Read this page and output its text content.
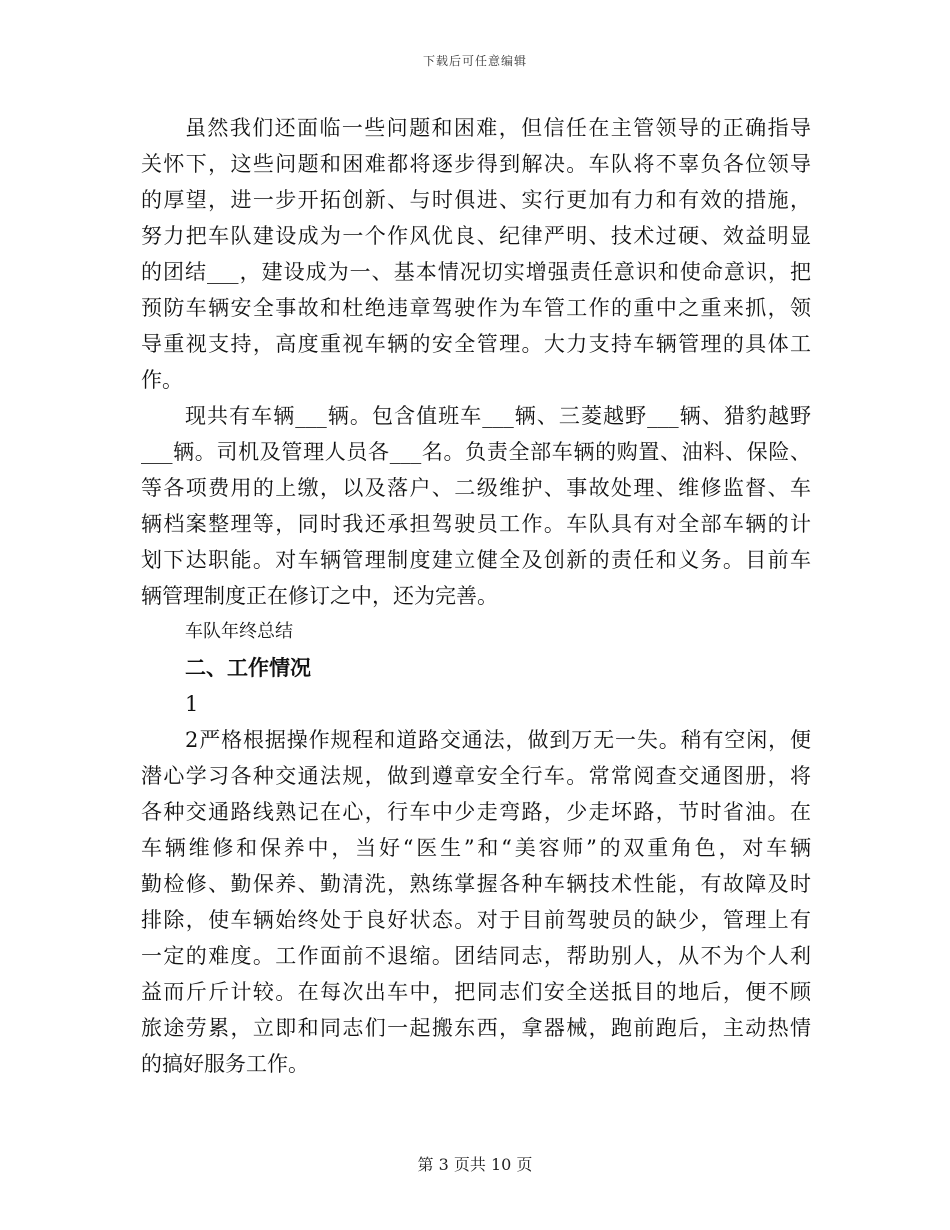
下载后可任意编辑
虽然我们还面临一些问题和困难，但信任在主管领导的正确指导
关怀下，这些问题和困难都将逐步得到解决。车队将不辜负各位领导
的厚望，进一步开拓创新、与时俱进、实行更加有力和有效的措施，
努力把车队建设成为一个作风优良、纪律严明、技术过硬、效益明显
的团结___，建设成为一、基本情况切实增强责任意识和使命意识，把
预防车辆安全事故和杜绝违章驾驶作为车管工作的重中之重来抓，领
导重视支持，高度重视车辆的安全管理。大力支持车辆管理的具体工
作。
现共有车辆___辆。包含值班车___辆、三菱越野___辆、猎豹越野
___辆。司机及管理人员各___名。负责全部车辆的购置、油料、保险、
等各项费用的上缴，以及落户、二级维护、事故处理、维修监督、车
辆档案整理等，同时我还承担驾驶员工作。车队具有对全部车辆的计
划下达职能。对车辆管理制度建立健全及创新的责任和义务。目前车
辆管理制度正在修订之中，还为完善。
车队年终总结
二、工作情况
1
2严格根据操作规程和道路交通法，做到万无一失。稍有空闲，便
潜心学习各种交通法规，做到遵章安全行车。常常阅查交通图册，将
各种交通路线熟记在心，行车中少走弯路，少走坏路，节时省油。在
车辆维修和保养中，当好“医生”和“美容师”的双重角色，对车辆
勤检修、勤保养、勤清洗，熟练掌握各种车辆技术性能，有故障及时
排除，使车辆始终处于良好状态。对于目前驾驶员的缺少，管理上有
一定的难度。工作面前不退缩。团结同志，帮助别人，从不为个人利
益而斤斤计较。在每次出车中，把同志们安全送抵目的地后，便不顾
旅途劳累，立即和同志们一起搬东西，拿器械，跑前跑后，主动热情
的搞好服务工作。
第 3 页共 10 页
